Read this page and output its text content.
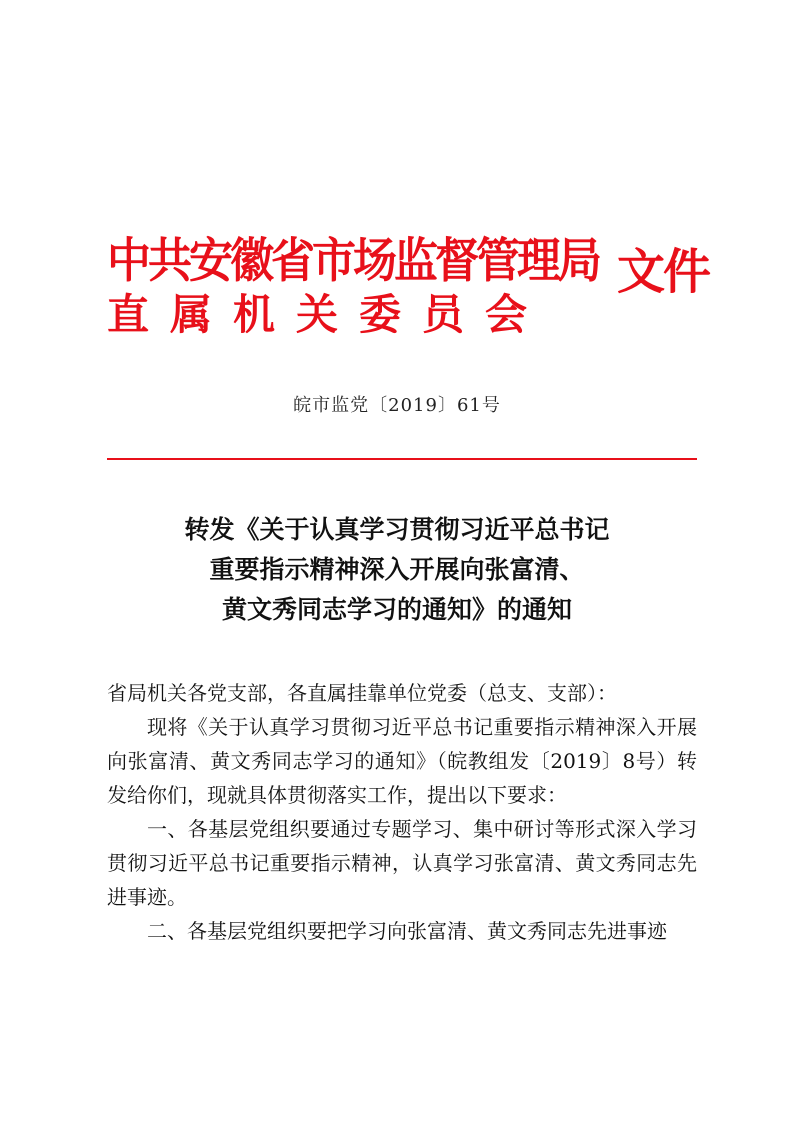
中共安徽省市场监督管理局
直属机关委员会
文件
皖市监党〔2019〕61号
转发《关于认真学习贯彻习近平总书记
重要指示精神深入开展向张富清、
黄文秀同志学习的通知》的通知

省局机关各党支部，各直属挂靠单位党委（总支、支部）：

现将《关于认真学习贯彻习近平总书记重要指示精神深入开展向张富清、黄文秀同志学习的通知》（皖教组发〔2019〕8号）转发给你们，现就具体贯彻落实工作，提出以下要求：

一、各基层党组织要通过专题学习、集中研讨等形式深入学习贯彻习近平总书记重要指示精神，认真学习张富清、黄文秀同志先进事迹。

二、各基层党组织要把学习向张富清、黄文秀同志先进事迹
